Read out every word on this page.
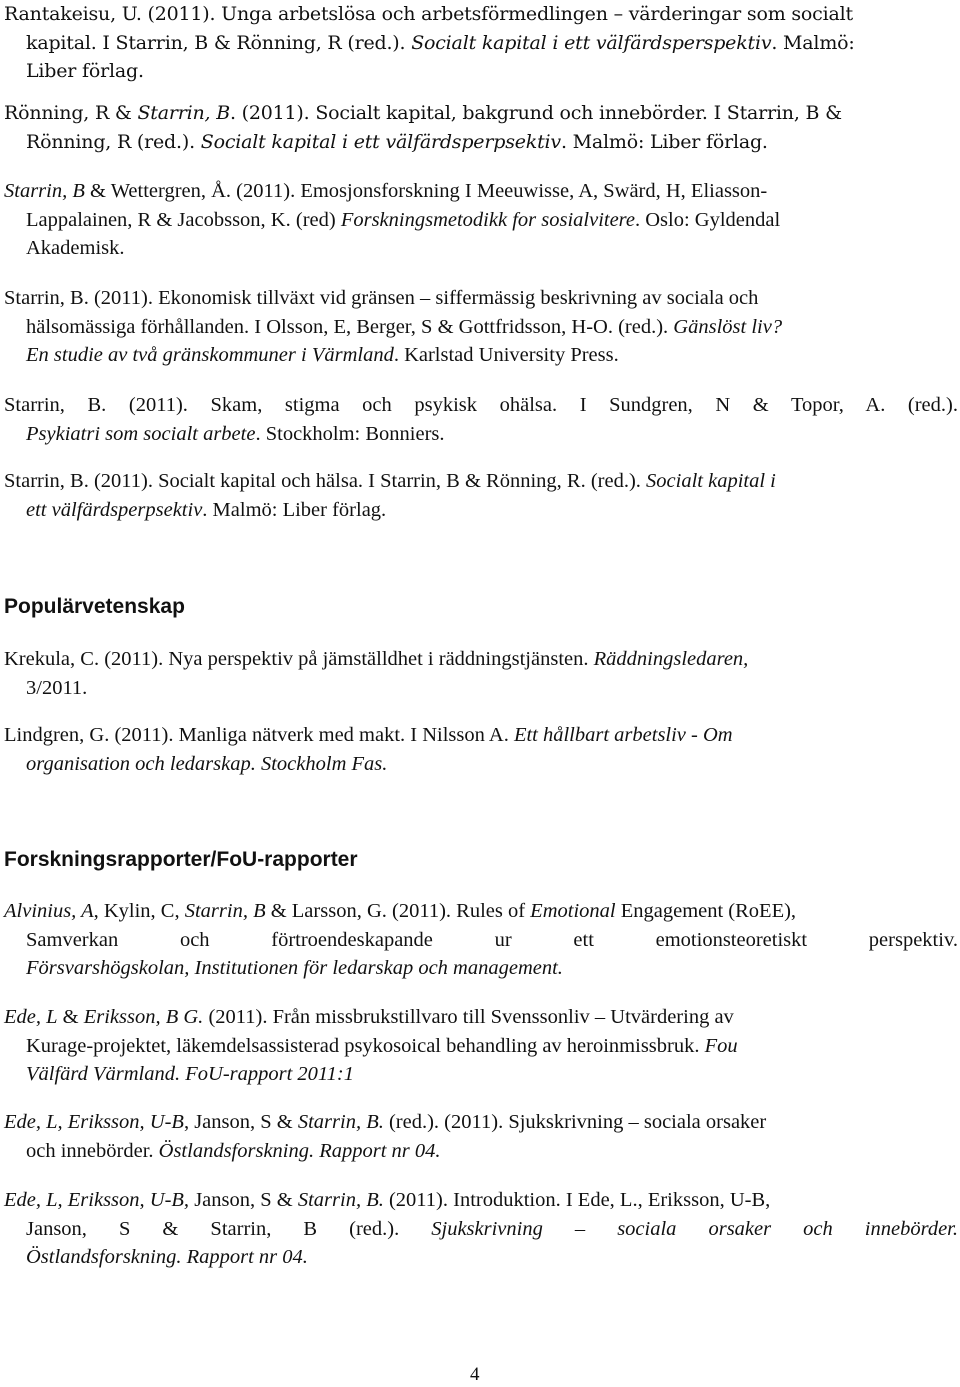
Rantakeisu, U. (2011). Unga arbetslösa och arbetsförmedlingen – värderingar som socialt
kapital. I Starrin, B & Rönning, R (red.). Socialt kapital i ett välfärdsperspektiv. Malmö:
Liber förlag.
Rönning, R & Starrin, B. (2011). Socialt kapital, bakgrund och innebörder. I Starrin, B &
Rönning, R (red.). Socialt kapital i ett välfärdsperpsektiv. Malmö: Liber förlag.
Starrin, B & Wettergren, Å. (2011). Emosjonsforskning I Meeuwisse, A, Swärd, H, Eliasson-
Lappalainen, R & Jacobsson, K. (red) Forskningsmetodikk for sosialvitere. Oslo: Gyldendal
Akademisk.
Starrin, B. (2011). Ekonomisk tillväxt vid gränsen – siffermässig beskrivning av sociala och
hälsomässiga förhållanden. I Olsson, E, Berger, S & Gottfridsson, H-O. (red.). Gänslöst liv?
En studie av två gränskommuner i Värmland. Karlstad University Press.
Starrin, B. (2011). Skam, stigma och psykisk ohälsa. I Sundgren, N & Topor, A. (red.).
Psykiatri som socialt arbete. Stockholm: Bonniers.
Starrin, B. (2011). Socialt kapital och hälsa. I Starrin, B & Rönning, R. (red.). Socialt kapital i
ett välfärdsperpsektiv. Malmö: Liber förlag.
Populärvetenskap
Krekula, C. (2011). Nya perspektiv på jämställdhet i räddningstjänsten. Räddningsledaren,
3/2011.
Lindgren, G. (2011). Manliga nätverk med makt. I Nilsson A. Ett hållbart arbetsliv - Om
organisation och ledarskap. Stockholm Fas.
Forskningsrapporter/FoU-rapporter
Alvinius, A, Kylin, C, Starrin, B & Larsson, G. (2011). Rules of Emotional Engagement (RoEE),
Samverkan och förtroendeskapande ur ett emotionsteoretiskt perspektiv.
Försvarshögskolan, Institutionen för ledarskap och management.
Ede, L & Eriksson, B G. (2011). Från missbrukstillvaro till Svenssonliv – Utvärdering av
Kurage-projektet, läkemdelsassisterad psykosoical behandling av heroinmissbruk. Fou
Välfärd Värmland. FoU-rapport 2011:1
Ede, L, Eriksson, U-B, Janson, S & Starrin, B. (red.). (2011). Sjukskrivning – sociala orsaker
och innebörder. Östlandsforskning. Rapport nr 04.
Ede, L, Eriksson, U-B, Janson, S & Starrin, B. (2011). Introduktion. I Ede, L., Eriksson, U-B,
Janson, S & Starrin, B (red.). Sjukskrivning – sociala orsaker och innebörder.
Östlandsforskning. Rapport nr 04.
4
